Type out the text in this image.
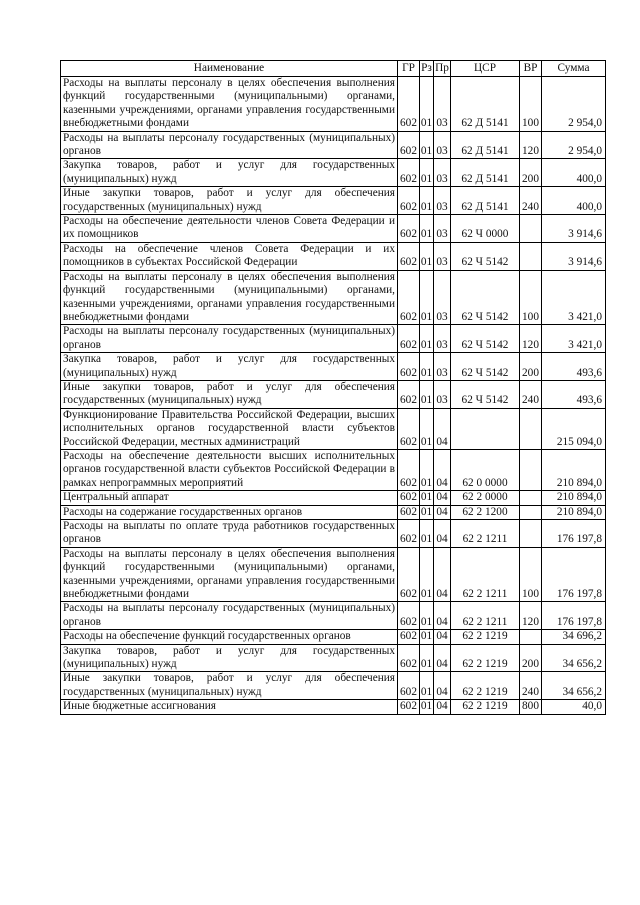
Наименование	ГР	Рз	Пр	ЦСР	ВР	Сумма
Расходы на выплаты персоналу в целях обеспечения выполнения функций государственными (муниципальными) органами, казенными учреждениями, органами управления государственными внебюджетными фондами	602	01	03	62 Д 5141	100	2 954,0
Расходы на выплаты персоналу государственных (муниципальных) органов	602	01	03	62 Д 5141	120	2 954,0
Закупка товаров, работ и услуг для государственных (муниципальных) нужд	602	01	03	62 Д 5141	200	400,0
Иные закупки товаров, работ и услуг для обеспечения государственных (муниципальных) нужд	602	01	03	62 Д 5141	240	400,0
Расходы на обеспечение деятельности членов Совета Федерации и их помощников	602	01	03	62 Ч 0000		3 914,6
Расходы на обеспечение членов Совета Федерации и их помощников в субъектах Российской Федерации	602	01	03	62 Ч 5142		3 914,6
Расходы на выплаты персоналу в целях обеспечения выполнения функций государственными (муниципальными) органами, казенными учреждениями, органами управления государственными внебюджетными фондами	602	01	03	62 Ч 5142	100	3 421,0
Расходы на выплаты персоналу государственных (муниципальных) органов	602	01	03	62 Ч 5142	120	3 421,0
Закупка товаров, работ и услуг для государственных (муниципальных) нужд	602	01	03	62 Ч 5142	200	493,6
Иные закупки товаров, работ и услуг для обеспечения государственных (муниципальных) нужд	602	01	03	62 Ч 5142	240	493,6
Функционирование Правительства Российской Федерации, высших исполнительных органов государственной власти субъектов Российской Федерации, местных администраций	602	01	04			215 094,0
Расходы на обеспечение деятельности высших исполнительных органов государственной власти субъектов Российской Федерации в рамках непрограммных мероприятий	602	01	04	62 0 0000		210 894,0
Центральный аппарат	602	01	04	62 2 0000		210 894,0
Расходы на содержание государственных органов	602	01	04	62 2 1200		210 894,0
Расходы на выплаты по оплате труда работников государственных органов	602	01	04	62 2 1211		176 197,8
Расходы на выплаты персоналу в целях обеспечения выполнения функций государственными (муниципальными) органами, казенными учреждениями, органами управления государственными внебюджетными фондами	602	01	04	62 2 1211	100	176 197,8
Расходы на выплаты персоналу государственных (муниципальных) органов	602	01	04	62 2 1211	120	176 197,8
Расходы на обеспечение функций государственных органов	602	01	04	62 2 1219		34 696,2
Закупка товаров, работ и услуг для государственных (муниципальных) нужд	602	01	04	62 2 1219	200	34 656,2
Иные закупки товаров, работ и услуг для обеспечения государственных (муниципальных) нужд	602	01	04	62 2 1219	240	34 656,2
Иные бюджетные ассигнования	602	01	04	62 2 1219	800	40,0
